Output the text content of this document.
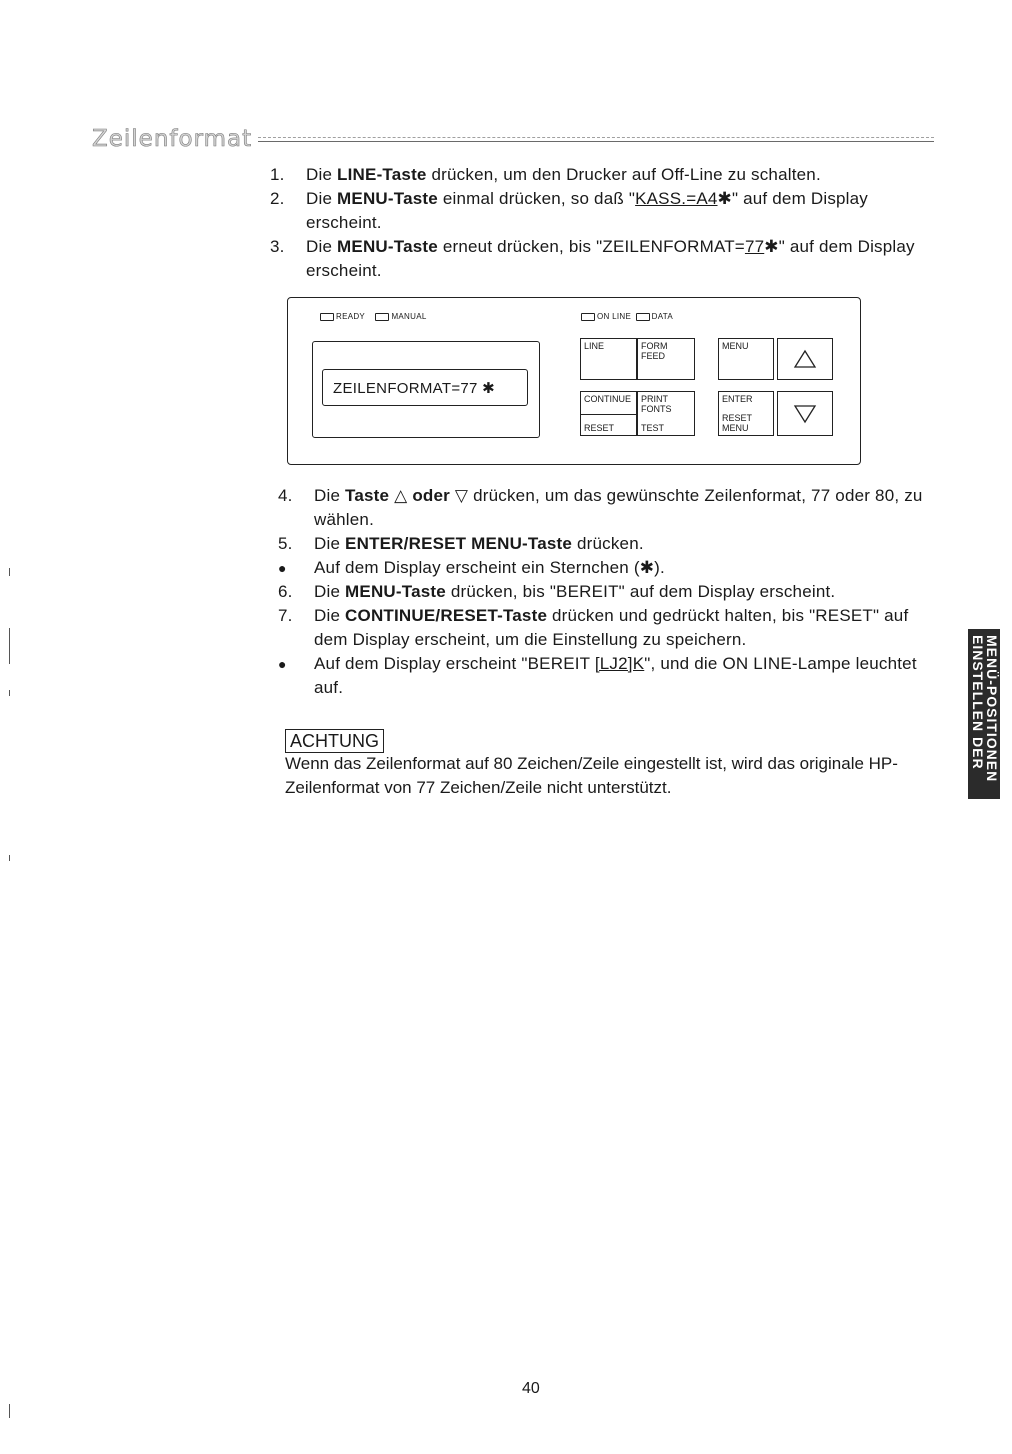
Zeilenformat
1.	Die LINE-Taste drücken, um den Drucker auf Off-Line zu schalten.
2.	Die MENU-Taste einmal drücken, so daß "KASS.=A4✱" auf dem Display erscheint.
3.	Die MENU-Taste erneut drücken, bis "ZEILENFORMAT=77✱" auf dem Display erscheint.
READY	MANUAL	ON LINE	DATA
ZEILENFORMAT=77 ✱
LINE	FORM FEED
MENU
CONTINUE
RESET
PRINT FONTS
TEST
ENTER
RESET MENU
4.	Die Taste △ oder ▽ drücken, um das gewünschte Zeilenformat, 77 oder 80, zu wählen.
5.	Die ENTER/RESET MENU-Taste drücken.
●	Auf dem Display erscheint ein Sternchen (✱).
6.	Die MENU-Taste drücken, bis "BEREIT" auf dem Display erscheint.
7.	Die CONTINUE/RESET-Taste drücken und gedrückt halten, bis "RESET" auf dem Display erscheint, um die Einstellung zu speichern.
●	Auf dem Display erscheint "BEREIT [LJ2]K", und die ON LINE-Lampe leuchtet auf.
ACHTUNG
Wenn das Zeilenformat auf 80 Zeichen/Zeile eingestellt ist, wird das originale HP-Zeilenformat von 77 Zeichen/Zeile nicht unterstützt.
EINSTELLEN DER
MENÜ-POSITIONEN
40
